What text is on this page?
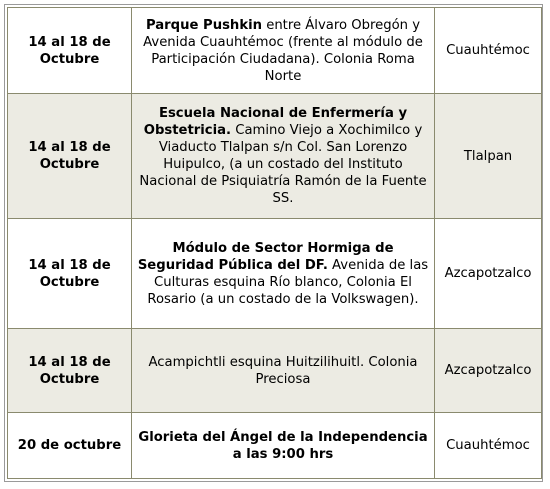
14 al 18 de Octubre	Parque Pushkin entre Álvaro Obregón y Avenida Cuauhtémoc (frente al módulo de Participación Ciudadana). Colonia Roma Norte	Cuauhtémoc
14 al 18 de Octubre	Escuela Nacional de Enfermería y Obstetricia. Camino Viejo a Xochimilco y Viaducto Tlalpan s/n Col. San Lorenzo Huipulco, (a un costado del Instituto Nacional de Psiquiatría Ramón de la Fuente SS.	Tlalpan
14 al 18 de Octubre	Módulo de Sector Hormiga de Seguridad Pública del DF. Avenida de las Culturas esquina Río blanco, Colonia El Rosario (a un costado de la Volkswagen).	Azcapotzalco
14 al 18 de Octubre	Acampichtli esquina Huitzilihuitl. Colonia Preciosa	Azcapotzalco
20 de octubre	Glorieta del Ángel de la Independencia a las 9:00 hrs	Cuauhtémoc
